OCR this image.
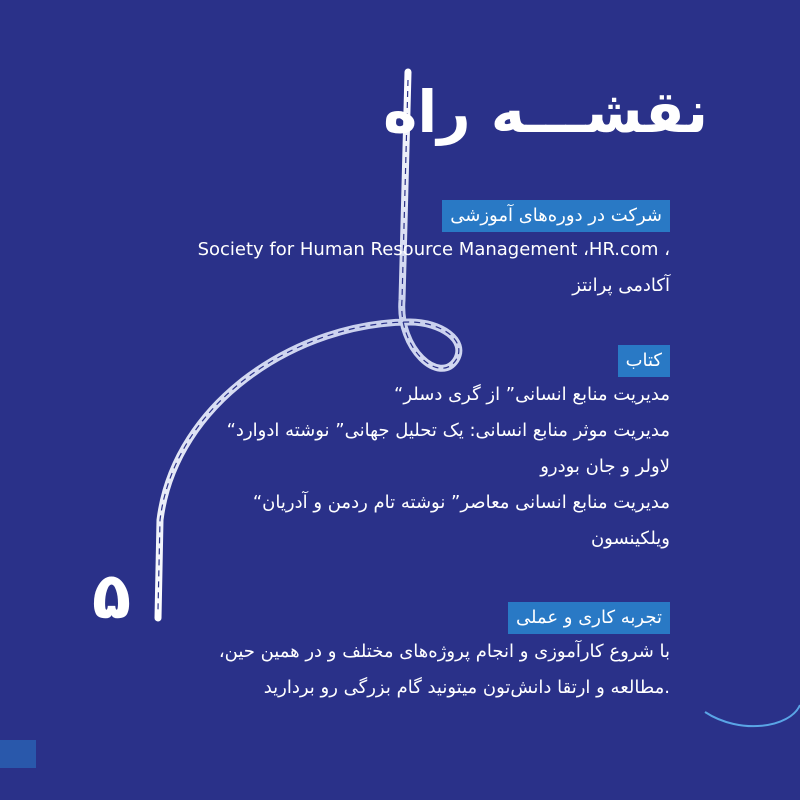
نقشـــه راه
۵
شرکت در دوره‌های آموزشی
Society for Human Resource Management ،HR.com ،
آکادمی پرانتز
کتاب
مدیریت منابع انسانی” از گری دسلر“
مدیریت موثر منابع انسانی: یک تحلیل جهانی” نوشته ادوارد“
لاولر و جان بودرو
مدیریت منابع انسانی معاصر” نوشته تام ردمن و آدریان“
ویلکینسون
تجربه کاری و عملی
با شروع کارآموزی و انجام پروژه‌های مختلف و در همین حین،
.مطالعه و ارتقا دانش‌تون میتونید گام بزرگی رو بردارید
